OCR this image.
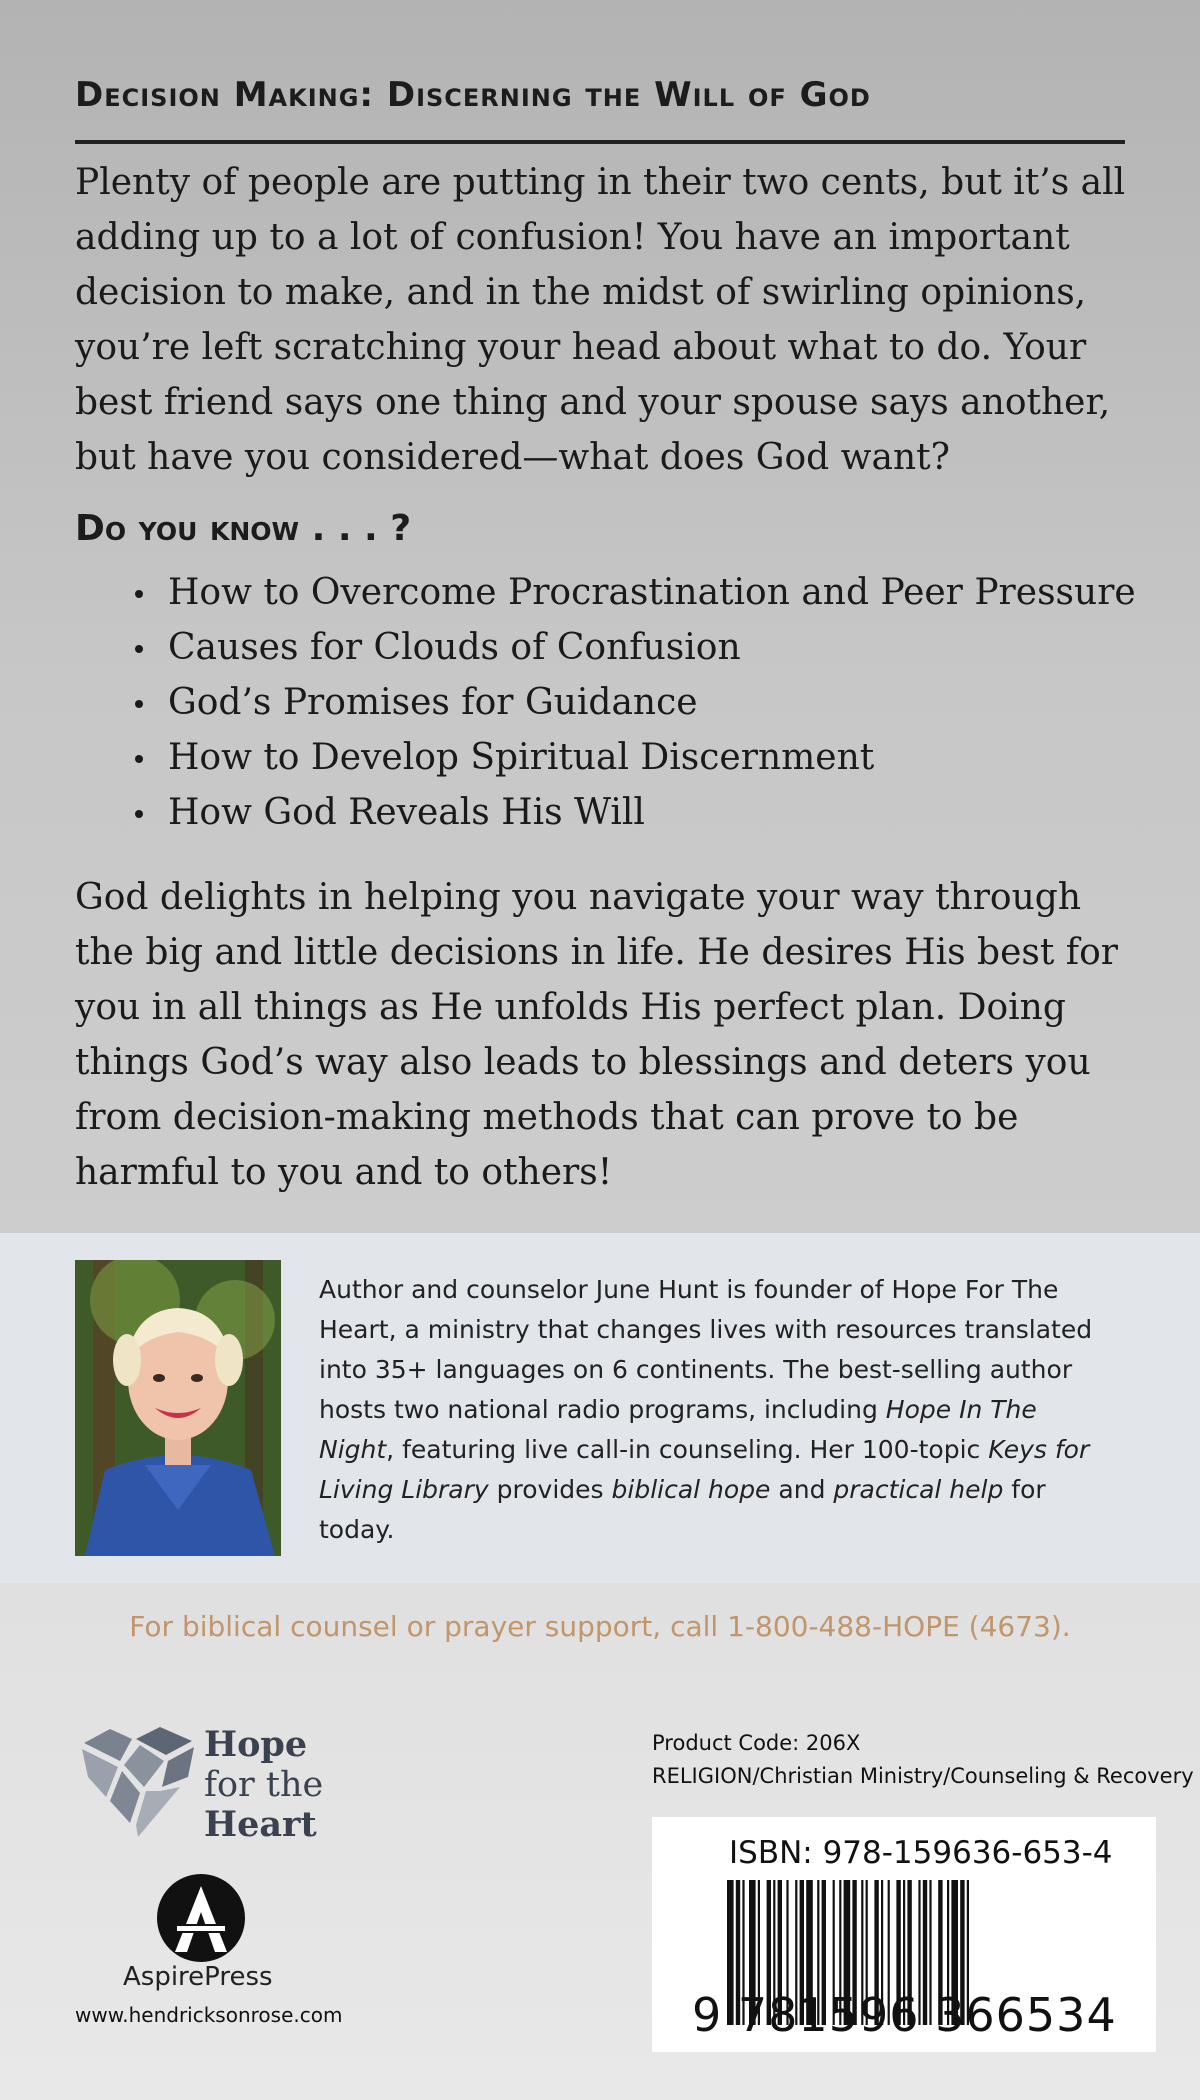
Decision Making: Discerning the Will of God

Plenty of people are putting in their two cents, but it’s all adding up to a lot of confusion! You have an important decision to make, and in the midst of swirling opinions, you’re left scratching your head about what to do. Your best friend says one thing and your spouse says another, but have you considered—what does God want?

Do you know . . . ?
How to Overcome Procrastination and Peer Pressure
Causes for Clouds of Confusion
God’s Promises for Guidance
How to Develop Spiritual Discernment
How God Reveals His Will

God delights in helping you navigate your way through the big and little decisions in life. He desires His best for you in all things as He unfolds His perfect plan. Doing things God’s way also leads to blessings and deters you from decision-making methods that can prove to be harmful to you and to others!

Author and counselor June Hunt is founder of Hope For The Heart, a ministry that changes lives with resources translated into 35+ languages on 6 continents. The best-selling author hosts two national radio programs, including Hope In The Night, featuring live call-in counseling. Her 100-topic Keys for Living Library provides biblical hope and practical help for today.

For biblical counsel or prayer support, call 1-800-488-HOPE (4673).

Hope
for the
Heart

AspirePress

www.hendricksonrose.com

Product Code: 206X
RELIGION/Christian Ministry/Counseling & Recovery

ISBN: 978-159636-653-4

9 781596 366534
